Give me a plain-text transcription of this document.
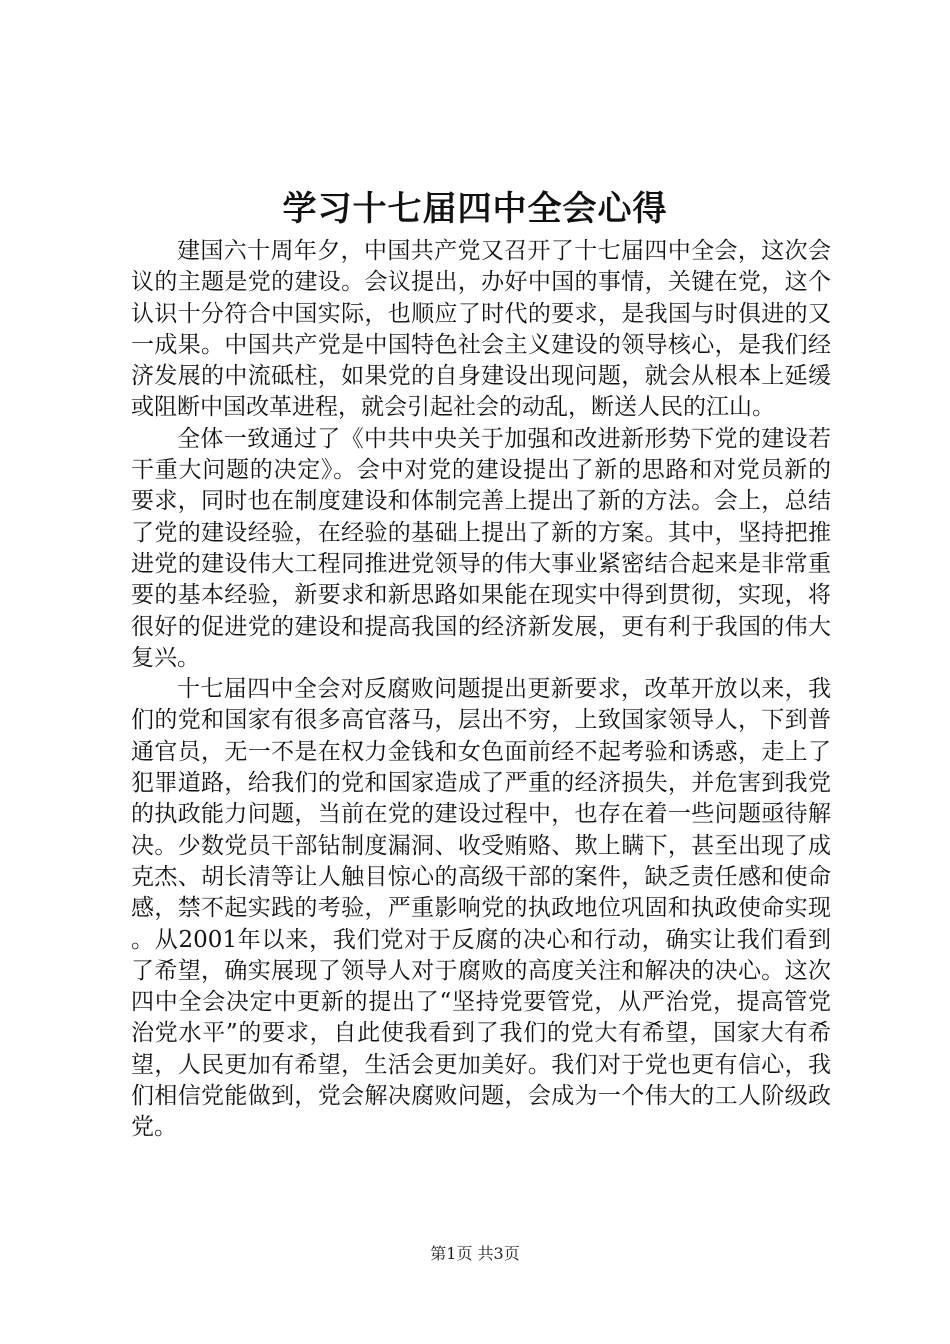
学习十七届四中全会心得

建国六十周年夕，中国共产党又召开了十七届四中全会，这次会议的主题是党的建设。会议提出，办好中国的事情，关键在党，这个认识十分符合中国实际，也顺应了时代的要求，是我国与时俱进的又一成果。中国共产党是中国特色社会主义建设的领导核心，是我们经济发展的中流砥柱，如果党的自身建设出现问题，就会从根本上延缓或阻断中国改革进程，就会引起社会的动乱，断送人民的江山。

全体一致通过了《中共中央关于加强和改进新形势下党的建设若干重大问题的决定》。会中对党的建设提出了新的思路和对党员新的要求，同时也在制度建设和体制完善上提出了新的方法。会上，总结了党的建设经验，在经验的基础上提出了新的方案。其中，坚持把推进党的建设伟大工程同推进党领导的伟大事业紧密结合起来是非常重要的基本经验，新要求和新思路如果能在现实中得到贯彻，实现，将很好的促进党的建设和提高我国的经济新发展，更有利于我国的伟大复兴。

十七届四中全会对反腐败问题提出更新要求，改革开放以来，我们的党和国家有很多高官落马，层出不穷，上致国家领导人，下到普通官员，无一不是在权力金钱和女色面前经不起考验和诱惑，走上了犯罪道路，给我们的党和国家造成了严重的经济损失，并危害到我党的执政能力问题，当前在党的建设过程中，也存在着一些问题亟待解决。少数党员干部钻制度漏洞、收受贿赂、欺上瞒下，甚至出现了成克杰、胡长清等让人触目惊心的高级干部的案件，缺乏责任感和使命感，禁不起实践的考验，严重影响党的执政地位巩固和执政使命实现。从2001年以来，我们党对于反腐的决心和行动，确实让我们看到了希望，确实展现了领导人对于腐败的高度关注和解决的决心。这次四中全会决定中更新的提出了“坚持党要管党，从严治党，提高管党治党水平”的要求，自此使我看到了我们的党大有希望，国家大有希望，人民更加有希望，生活会更加美好。我们对于党也更有信心，我们相信党能做到，党会解决腐败问题，会成为一个伟大的工人阶级政党。

第1页 共3页
